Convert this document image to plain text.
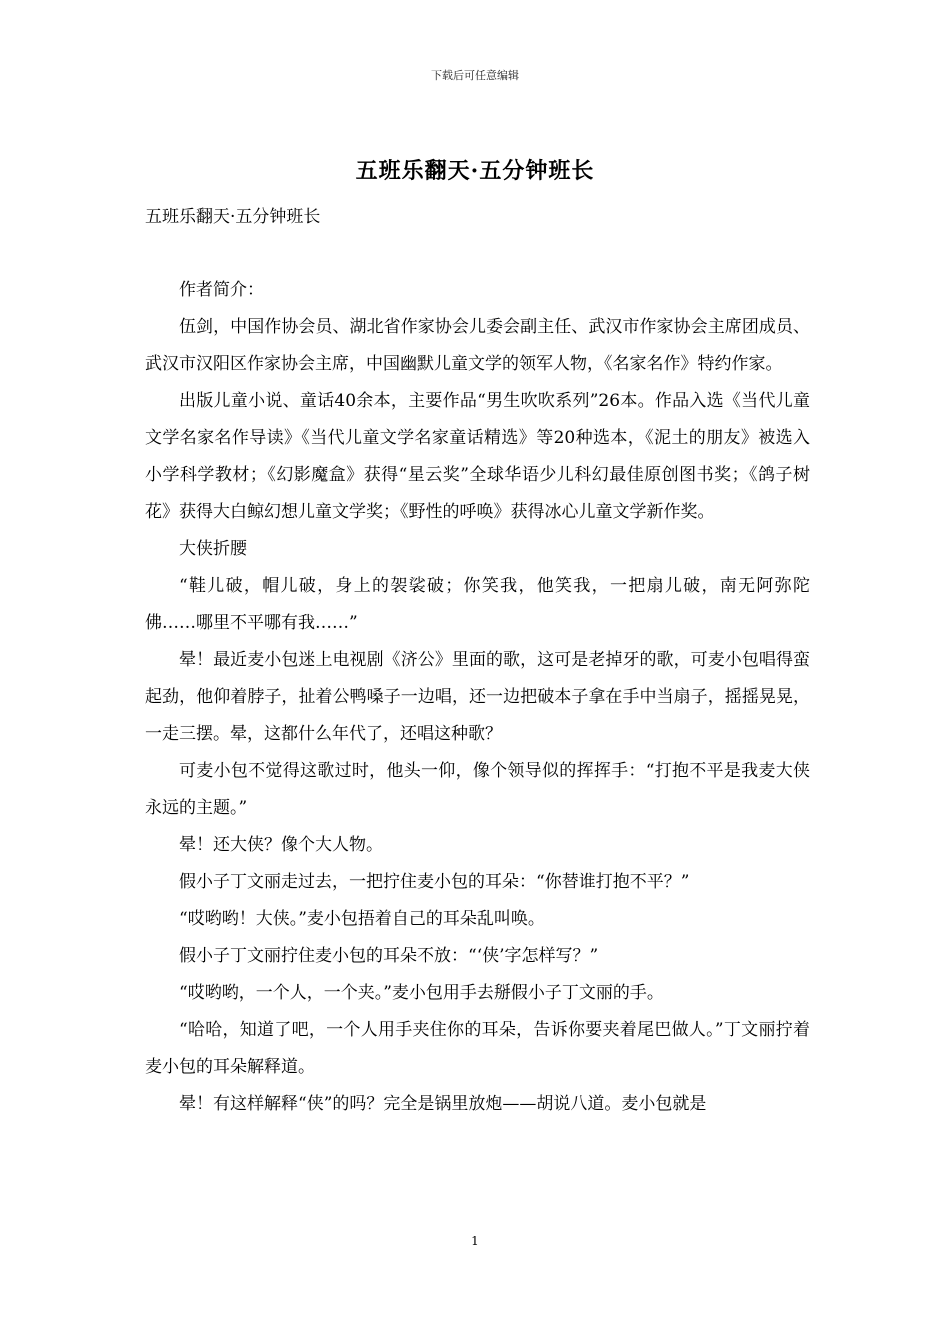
下载后可任意编辑
五班乐翻天·五分钟班长
五班乐翻天·五分钟班长

作者简介：

伍剑，中国作协会员、湖北省作家协会儿委会副主任、武汉市作家协会主席团成员、武汉市汉阳区作家协会主席，中国幽默儿童文学的领军人物，《名家名作》特约作家。

出版儿童小说、童话40余本，主要作品“男生吹吹系列”26本。作品入选《当代儿童文学名家名作导读》《当代儿童文学名家童话精选》等20种选本，《泥土的朋友》被选入小学科学教材；《幻影魔盒》获得“星云奖”全球华语少儿科幻最佳原创图书奖；《鸽子树花》获得大白鲸幻想儿童文学奖；《野性的呼唤》获得冰心儿童文学新作奖。

大侠折腰

“鞋儿破，帽儿破，身上的袈裟破；你笑我，他笑我，一把扇儿破，南无阿弥陀佛……哪里不平哪有我……”

晕！最近麦小包迷上电视剧《济公》里面的歌，这可是老掉牙的歌，可麦小包唱得蛮起劲，他仰着脖子，扯着公鸭嗓子一边唱，还一边把破本子拿在手中当扇子，摇摇晃晃，一走三摆。晕，这都什么年代了，还唱这种歌？

可麦小包不觉得这歌过时，他头一仰，像个领导似的挥挥手：“打抱不平是我麦大侠永远的主题。”

晕！还大侠？像个大人物。

假小子丁文丽走过去，一把拧住麦小包的耳朵：“你替谁打抱不平？”

“哎哟哟！大侠。”麦小包捂着自己的耳朵乱叫唤。

假小子丁文丽拧住麦小包的耳朵不放：“‘侠’字怎样写？”

“哎哟哟，一个人，一个夹。”麦小包用手去掰假小子丁文丽的手。

“哈哈，知道了吧，一个人用手夹住你的耳朵，告诉你要夹着尾巴做人。”丁文丽拧着麦小包的耳朵解释道。

晕！有这样解释“侠”的吗？完全是锅里放炮——胡说八道。麦小包就是

1
